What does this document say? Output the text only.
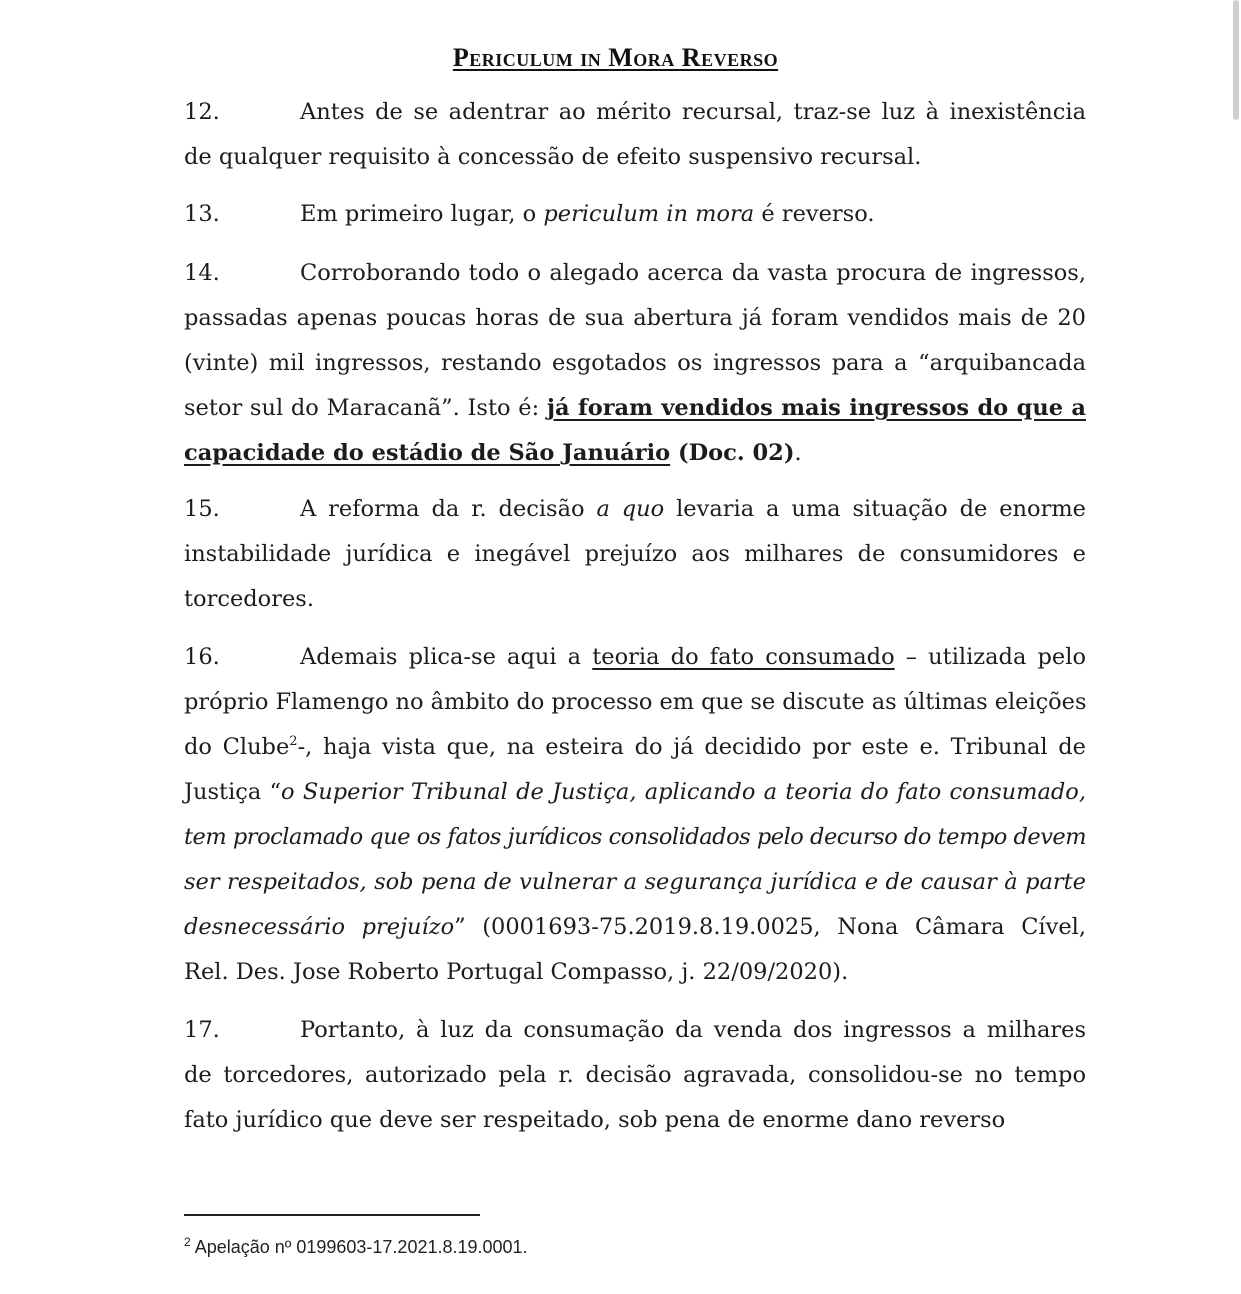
Periculum in Mora Reverso
12.	Antes de se adentrar ao mérito recursal, traz-se luz à inexistência
de qualquer requisito à concessão de efeito suspensivo recursal.
13.	Em primeiro lugar, o periculum in mora é reverso.
14.	Corroborando todo o alegado acerca da vasta procura de ingressos,
passadas apenas poucas horas de sua abertura já foram vendidos mais de 20
(vinte) mil ingressos, restando esgotados os ingressos para a “arquibancada
setor sul do Maracanã”. Isto é: já foram vendidos mais ingressos do que a
capacidade do estádio de São Januário (Doc. 02).
15.	A reforma da r. decisão a quo levaria a uma situação de enorme
instabilidade jurídica e inegável prejuízo aos milhares de consumidores e
torcedores.
16.	Ademais plica-se aqui a teoria do fato consumado – utilizada pelo
próprio Flamengo no âmbito do processo em que se discute as últimas eleições
do Clube$^2$-, haja vista que, na esteira do já decidido por este e. Tribunal de
Justiça “o Superior Tribunal de Justiça, aplicando a teoria do fato consumado,
tem proclamado que os fatos jurídicos consolidados pelo decurso do tempo devem
ser respeitados, sob pena de vulnerar a segurança jurídica e de causar à parte
desnecessário prejuízo” (0001693-75.2019.8.19.0025, Nona Câmara Cível,
Rel. Des. Jose Roberto Portugal Compasso, j. 22/09/2020).
17.	Portanto, à luz da consumação da venda dos ingressos a milhares
de torcedores, autorizado pela r. decisão agravada, consolidou-se no tempo
fato jurídico que deve ser respeitado, sob pena de enorme dano reverso
$^2$ Apelação nº 0199603-17.2021.8.19.0001.
